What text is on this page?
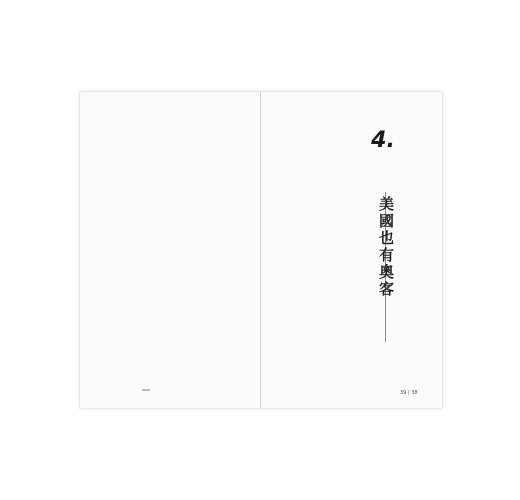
4.
美國也有奧客
39 | 38
